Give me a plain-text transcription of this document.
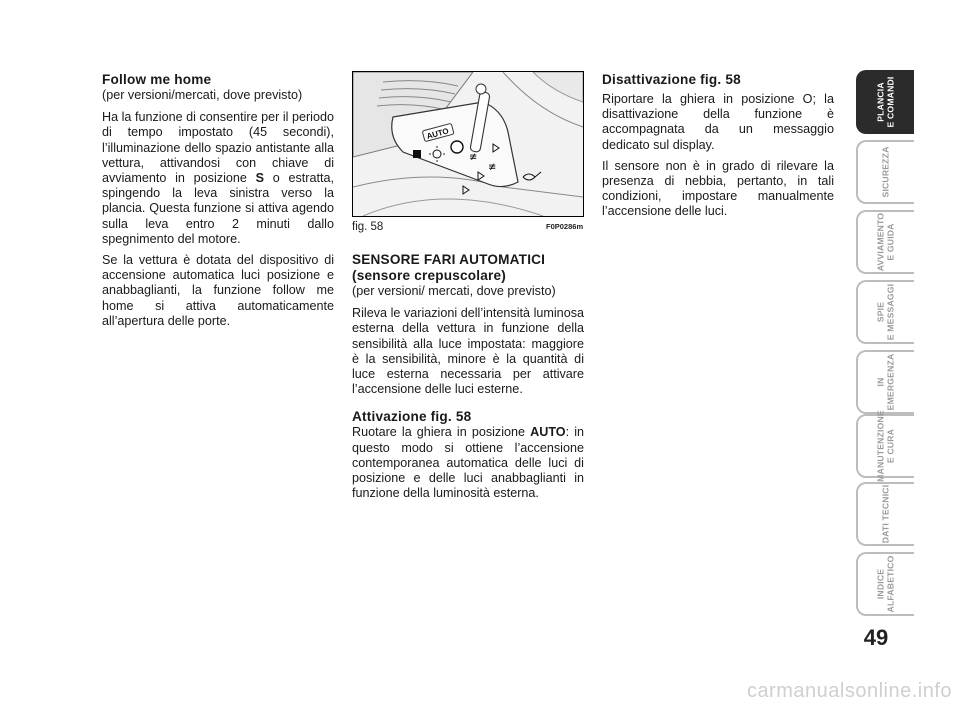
Follow me home

(per versioni/mercati, dove previsto)

Ha la funzione di consentire per il periodo di tempo impostato (45 secondi), l’illuminazione dello spazio antistante alla vettura, attivandosi con chiave di avviamento in posizione S o estratta, spingendo la leva sinistra verso la plancia. Questa funzione si attiva agendo sulla leva entro 2 minuti dallo spegnimento del motore.

Se la vettura è dotata del dispositivo di accensione automatica luci posizione e anabbaglianti, la funzione follow me home si attiva automaticamente all’apertura delle porte.

AUTO
≢
≢
fig. 58	F0P0286m
SENSORE FARI AUTOMATICI
(sensore crepuscolare)

(per versioni/ mercati, dove previsto)

Rileva le variazioni dell’intensità luminosa esterna della vettura in funzione della sensibilità alla luce impostata: maggiore è la sensibilità, minore è la quantità di luce esterna necessaria per attivare l’accensione delle luci esterne.

Attivazione fig. 58

Ruotare la ghiera in posizione AUTO: in questo modo si ottiene l’accensione contemporanea automatica delle luci di posizione e delle luci anabbaglianti in funzione della luminosità esterna.

Disattivazione fig. 58

Riportare la ghiera in posizione O; la disattivazione della funzione è accompagnata da un messaggio dedicato sul display.

Il sensore non è in grado di rilevare la presenza di nebbia, pertanto, in tali condizioni, impostare manualmente l’accensione delle luci.

PLANCIA
E COMANDI
SICUREZZA
AVVIAMENTO
E GUIDA
SPIE
E MESSAGGI
IN
EMERGENZA
MANUTENZIONE
E CURA
DATI TECNICI
INDICE
ALFABETICO
49
carmanualsonline.info
